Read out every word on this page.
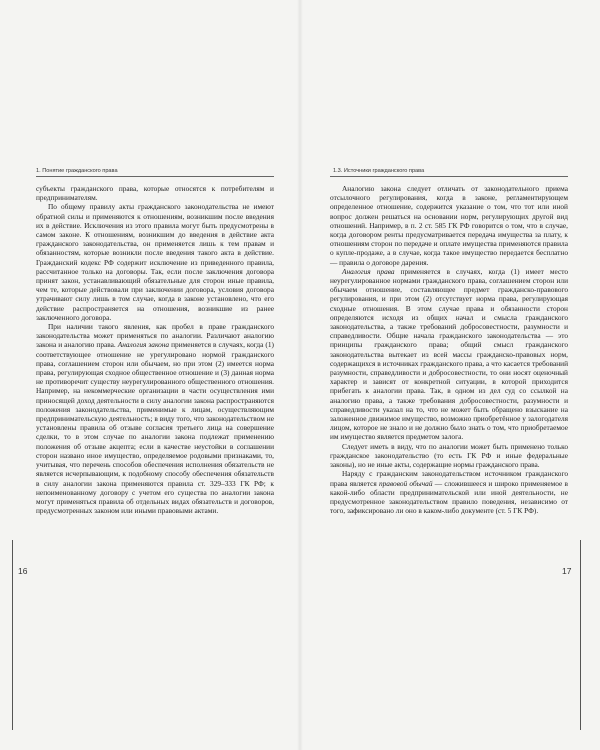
1. Понятие гражданского права

субъекты гражданского права, которые относятся к потребителям и предпринимателям.

По общему правилу акты гражданского законодательства не имеют обратной силы и применяются к отношениям, возникшим после введения их в действие. Исключения из этого правила могут быть предусмотрены в самом законе. К отношениям, возникшим до введения в действие акта гражданского законодательства, он применяется лишь к тем правам и обязанностям, которые возникли после введения такого акта в действие. Гражданский кодекс РФ содержит исключение из приведенного правила, рассчитанное только на договоры. Так, если после заключения договора принят закон, устанавливающий обязательные для сторон иные правила, чем те, которые действовали при заключении договора, условия договора утрачивают силу лишь в том случае, когда в законе установлено, что его действие распространяется на отношения, возникшие из ранее заключенного договора.

При наличии такого явления, как пробел в праве гражданского законодательства может применяться по аналогии. Различают аналогию закона и аналогию права. Аналогия закона применяется в случаях, когда (1) соответствующее отношение не урегулировано нормой гражданского права, соглашением сторон или обычаем, но при этом (2) имеется норма права, регулирующая сходное общественное отношение и (3) данная норма не противоречит существу неурегулированного общественного отношения. Например, на некоммерческие организации в части осуществления ими приносящей доход деятельности в силу аналогии закона распространяются положения законодательства, применимые к лицам, осуществляющим предпринимательскую деятельность; в виду того, что законодательством не установлены правила об отзыве согласия третьего лица на совершение сделки, то в этом случае по аналогии закона подлежат применению положения об отзыве акцепта; если в качестве неустойки в соглашении сторон названо иное имущество, определяемое родовыми признаками, то, учитывая, что перечень способов обеспечения исполнения обязательств не является исчерпывающим, к подобному способу обеспечения обязательств в силу аналогии закона применяются правила ст. 329–333 ГК РФ; к непоименованному договору с учетом его существа по аналогии закона могут применяться правила об отдельных видах обязательств и договоров, предусмотренных законом или иными правовыми актами.

16
1.3. Источники гражданского права

Аналогию закона следует отличать от законодательного приема отсылочного регулирования, когда в законе, регламентирующем определенное отношение, содержится указание о том, что тот или иной вопрос должен решаться на основании норм, регулирующих другой вид отношений. Например, в п. 2 ст. 585 ГК РФ говорится о том, что в случае, когда договором ренты предусматривается передача имущества за плату, к отношениям сторон по передаче и оплате имущества применяются правила о купле-продаже, а в случае, когда такое имущество передается бесплатно — правила о договоре дарения.

Аналогия права применяется в случаях, когда (1) имеет место неурегулированное нормами гражданского права, соглашением сторон или обычаем отношение, составляющее предмет гражданско-правового регулирования, и при этом (2) отсутствует норма права, регулирующая сходные отношения. В этом случае права и обязанности сторон определяются исходя из общих начал и смысла гражданского законодательства, а также требований добросовестности, разумности и справедливости. Общие начала гражданского законодательства — это принципы гражданского права; общий смысл гражданского законодательства вытекает из всей массы гражданско-правовых норм, содержащихся в источниках гражданского права, а что касается требований разумности, справедливости и добросовестности, то они носят оценочный характер и зависят от конкретной ситуации, в которой приходится прибегать к аналогии права. Так, в одном из дел суд со ссылкой на аналогию права, а также требования добросовестности, разумности и справедливости указал на то, что не может быть обращено взыскание на заложенное движимое имущество, возможно приобретённое у залогодателя лицом, которое не знало и не должно было знать о том, что приобретаемое им имущество является предметом залога.

Следует иметь в виду, что по аналогии может быть применено только гражданское законодательство (то есть ГК РФ и иные федеральные законы), но не иные акты, содержащие нормы гражданского права.

Наряду с гражданским законодательством источником гражданского права является правовой обычай — сложившееся и широко применяемое в какой-либо области предпринимательской или иной деятельности, не предусмотренное законодательством правило поведения, независимо от того, зафиксировано ли оно в каком-либо документе (ст. 5 ГК РФ).

17
